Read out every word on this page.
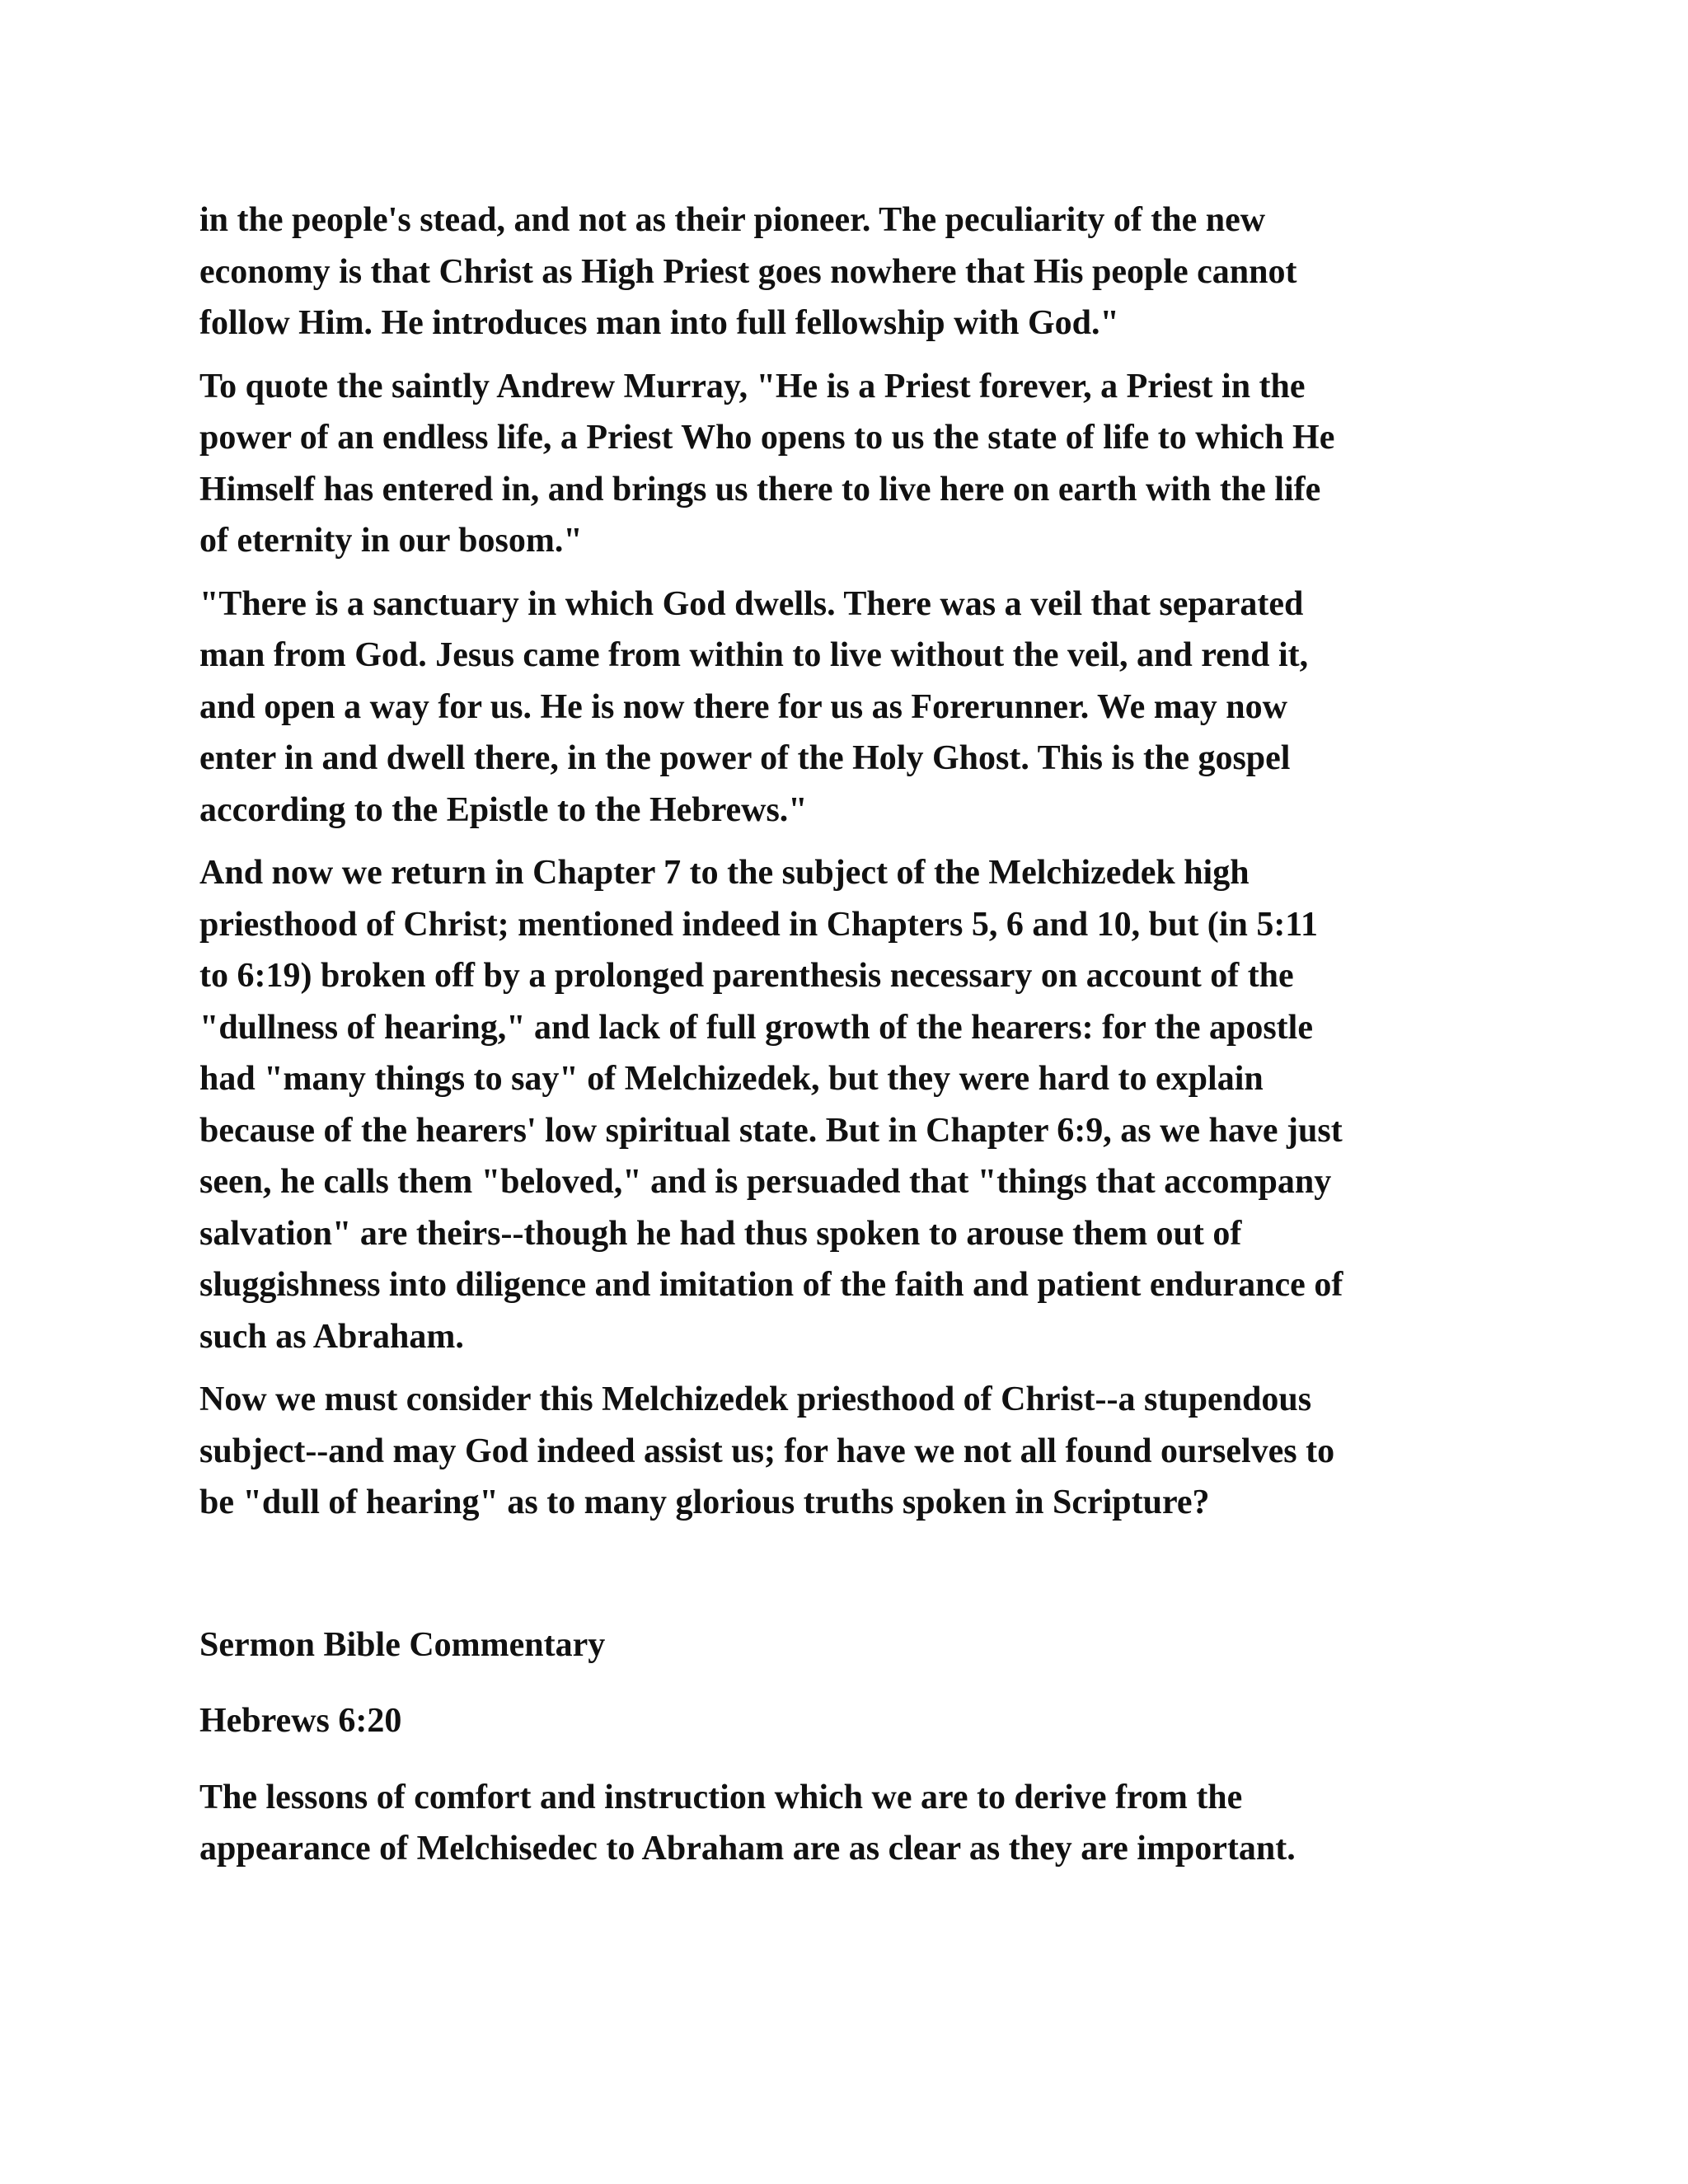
in the people's stead, and not as their pioneer. The peculiarity of the new
economy is that Christ as High Priest goes nowhere that His people cannot
follow Him. He introduces man into full fellowship with God."

To quote the saintly Andrew Murray, "He is a Priest forever, a Priest in the
power of an endless life, a Priest Who opens to us the state of life to which He
Himself has entered in, and brings us there to live here on earth with the life
of eternity in our bosom."

"There is a sanctuary in which God dwells. There was a veil that separated
man from God. Jesus came from within to live without the veil, and rend it,
and open a way for us. He is now there for us as Forerunner. We may now
enter in and dwell there, in the power of the Holy Ghost. This is the gospel
according to the Epistle to the Hebrews."

And now we return in Chapter 7 to the subject of the Melchizedek high
priesthood of Christ; mentioned indeed in Chapters 5, 6 and 10, but (in 5:11
to 6:19) broken off by a prolonged parenthesis necessary on account of the
"dullness of hearing," and lack of full growth of the hearers: for the apostle
had "many things to say" of Melchizedek, but they were hard to explain
because of the hearers' low spiritual state. But in Chapter 6:9, as we have just
seen, he calls them "beloved," and is persuaded that "things that accompany
salvation" are theirs--though he had thus spoken to arouse them out of
sluggishness into diligence and imitation of the faith and patient endurance of
such as Abraham.

Now we must consider this Melchizedek priesthood of Christ--a stupendous
subject--and may God indeed assist us; for have we not all found ourselves to
be "dull of hearing" as to many glorious truths spoken in Scripture?

Sermon Bible Commentary

Hebrews 6:20

The lessons of comfort and instruction which we are to derive from the
appearance of Melchisedec to Abraham are as clear as they are important.
